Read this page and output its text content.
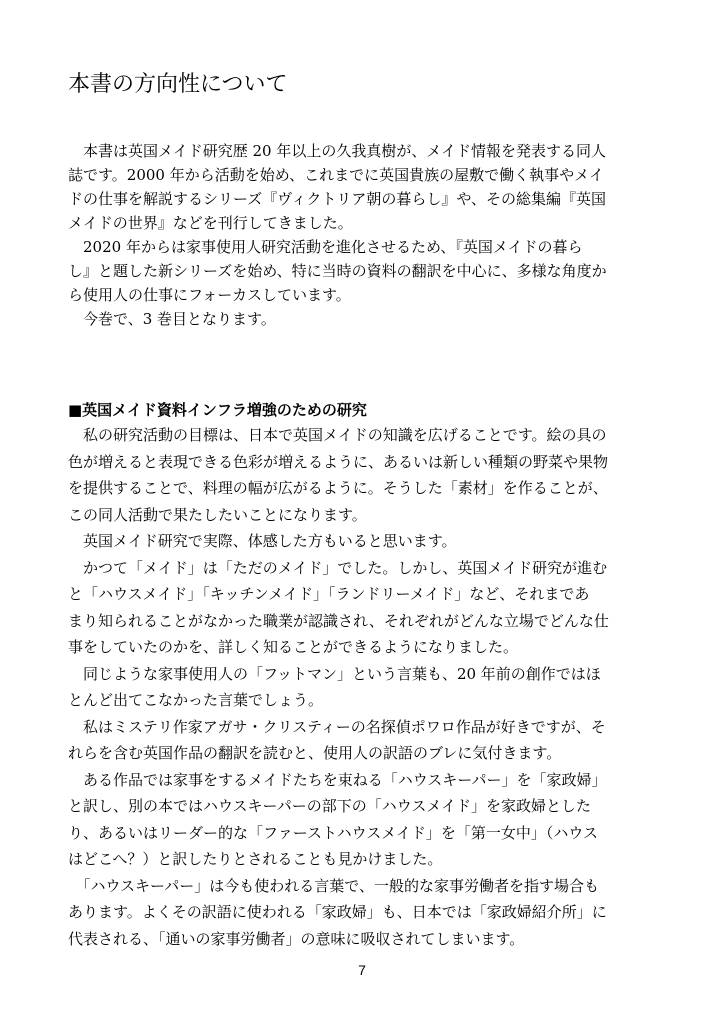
本書の方向性について
　本書は英国メイド研究歴 20 年以上の久我真樹が、メイド情報を発表する同人
誌です。2000 年から活動を始め、これまでに英国貴族の屋敷で働く執事やメイ
ドの仕事を解説するシリーズ『ヴィクトリア朝の暮らし』や、その総集編『英国
メイドの世界』などを刊行してきました。
　2020 年からは家事使用人研究活動を進化させるため、『英国メイドの暮ら
し』と題した新シリーズを始め、特に当時の資料の翻訳を中心に、多様な角度か
ら使用人の仕事にフォーカスしています。
　今巻で、3 巻目となります。
■英国メイド資料インフラ増強のための研究
　私の研究活動の目標は、日本で英国メイドの知識を広げることです。絵の具の
色が増えると表現できる色彩が増えるように、あるいは新しい種類の野菜や果物
を提供することで、料理の幅が広がるように。そうした「素材」を作ることが、
この同人活動で果たしたいことになります。
　英国メイド研究で実際、体感した方もいると思います。
　かつて「メイド」は「ただのメイド」でした。しかし、英国メイド研究が進む
と「ハウスメイド」「キッチンメイド」「ランドリーメイド」など、それまであ
まり知られることがなかった職業が認識され、それぞれがどんな立場でどんな仕
事をしていたのかを、詳しく知ることができるようになりました。
　同じような家事使用人の「フットマン」という言葉も、20 年前の創作ではほ
とんど出てこなかった言葉でしょう。
　私はミステリ作家アガサ・クリスティーの名探偵ポワロ作品が好きですが、そ
れらを含む英国作品の翻訳を読むと、使用人の訳語のブレに気付きます。
　ある作品では家事をするメイドたちを束ねる「ハウスキーパー」を「家政婦」
と訳し、別の本ではハウスキーパーの部下の「ハウスメイド」を家政婦とした
り、あるいはリーダー的な「ファーストハウスメイド」を「第一女中」（ハウス
はどこへ？）と訳したりとされることも見かけました。
　「ハウスキーパー」は今も使われる言葉で、一般的な家事労働者を指す場合も
あります。よくその訳語に使われる「家政婦」も、日本では「家政婦紹介所」に
代表される、「通いの家事労働者」の意味に吸収されてしまいます。
7
